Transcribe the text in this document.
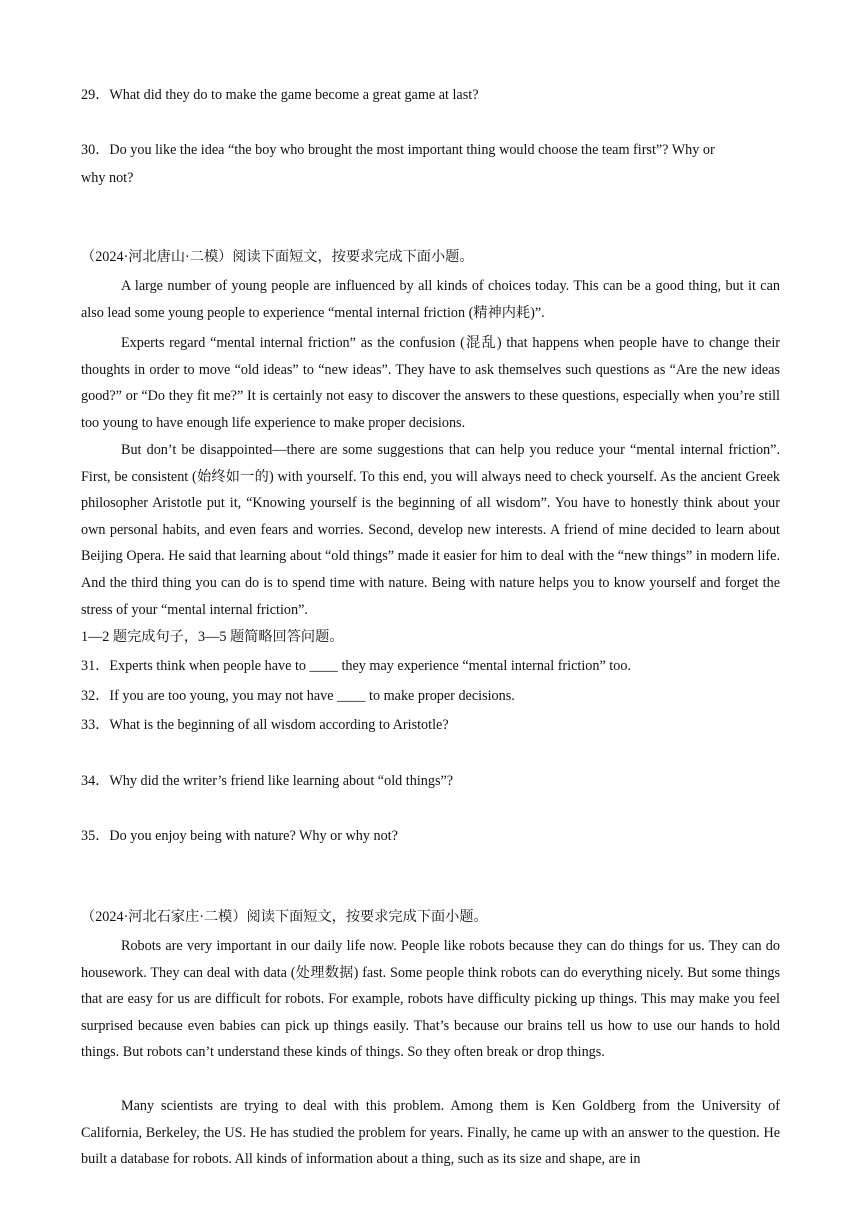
29．What did they do to make the game become a great game at last?
30．Do you like the idea “the boy who brought the most important thing would choose the team first”? Why or
why not?
（2024·河北唐山·二模）阅读下面短文，按要求完成下面小题。
A large number of young people are influenced by all kinds of choices today. This can be a good thing, but it can also lead some young people to experience “mental internal friction (精神内耗)”.
Experts regard “mental internal friction” as the confusion (混乱) that happens when people have to change their thoughts in order to move “old ideas” to “new ideas”. They have to ask themselves such questions as “Are the new ideas good?” or “Do they fit me?” It is certainly not easy to discover the answers to these questions, especially when you’re still too young to have enough life experience to make proper decisions.
But don’t be disappointed—there are some suggestions that can help you reduce your “mental internal friction”. First, be consistent (始终如一的) with yourself. To this end, you will always need to check yourself. As the ancient Greek philosopher Aristotle put it, “Knowing yourself is the beginning of all wisdom”. You have to honestly think about your own personal habits, and even fears and worries. Second, develop new interests. A friend of mine decided to learn about Beijing Opera. He said that learning about “old things” made it easier for him to deal with the “new things” in modern life. And the third thing you can do is to spend time with nature. Being with nature helps you to know yourself and forget the stress of your “mental internal friction”.
1—2 题完成句子，3—5 题简略回答问题。
31．Experts think when people have to ____ they may experience “mental internal friction” too.
32．If you are too young, you may not have ____ to make proper decisions.
33．What is the beginning of all wisdom according to Aristotle?
34．Why did the writer’s friend like learning about “old things”?
35．Do you enjoy being with nature? Why or why not?
（2024·河北石家庄·二模）阅读下面短文，按要求完成下面小题。
Robots are very important in our daily life now. People like robots because they can do things for us. They can do housework. They can deal with data (处理数据) fast. Some people think robots can do everything nicely. But some things that are easy for us are difficult for robots. For example, robots have difficulty picking up things. This may make you feel surprised because even babies can pick up things easily. That’s because our brains tell us how to use our hands to hold things. But robots can’t understand these kinds of things. So they often break or drop things.
Many scientists are trying to deal with this problem. Among them is Ken Goldberg from the University of California, Berkeley, the US. He has studied the problem for years. Finally, he came up with an answer to the question. He built a database for robots. All kinds of information about a thing, such as its size and shape, are in
